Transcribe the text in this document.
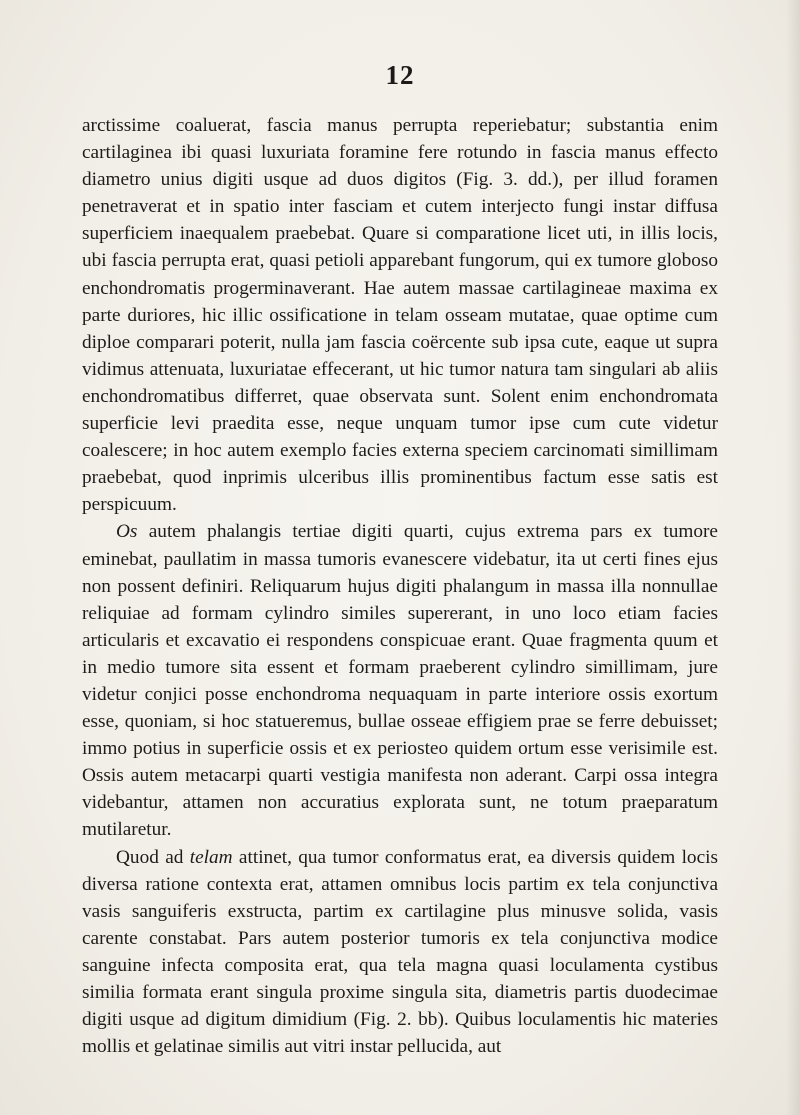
12

arctissime coaluerat, fascia manus perrupta reperiebatur; substantia enim cartilaginea ibi quasi luxuriata foramine fere rotundo in fascia manus effecto diametro unius digiti usque ad duos digitos (Fig. 3. dd.), per illud foramen penetraverat et in spatio inter fasciam et cutem interjecto fungi instar diffusa superficiem inaequalem praebebat. Quare si comparatione licet uti, in illis locis, ubi fascia perrupta erat, quasi petioli apparebant fungorum, qui ex tumore globoso enchondromatis progerminaverant. Hae autem massae cartilagineae maxima ex parte duriores, hic illic ossificatione in telam osseam mutatae, quae optime cum diploe comparari poterit, nulla jam fascia coërcente sub ipsa cute, eaque ut supra vidimus attenuata, luxuriatae effecerant, ut hic tumor natura tam singulari ab aliis enchondromatibus differret, quae observata sunt. Solent enim enchondromata superficie levi praedita esse, neque unquam tumor ipse cum cute videtur coalescere; in hoc autem exemplo facies externa speciem carcinomati simillimam praebebat, quod inprimis ulceribus illis prominentibus factum esse satis est perspicuum.

Os autem phalangis tertiae digiti quarti, cujus extrema pars ex tumore eminebat, paullatim in massa tumoris evanescere videbatur, ita ut certi fines ejus non possent definiri. Reliquarum hujus digiti phalangum in massa illa nonnullae reliquiae ad formam cylindro similes supererant, in uno loco etiam facies articularis et excavatio ei respondens conspicuae erant. Quae fragmenta quum et in medio tumore sita essent et formam praeberent cylindro simillimam, jure videtur conjici posse enchondroma nequaquam in parte interiore ossis exortum esse, quoniam, si hoc statueremus, bullae osseae effigiem prae se ferre debuisset; immo potius in superficie ossis et ex periosteo quidem ortum esse verisimile est. Ossis autem metacarpi quarti vestigia manifesta non aderant. Carpi ossa integra videbantur, attamen non accuratius explorata sunt, ne totum praeparatum mutilaretur.

Quod ad telam attinet, qua tumor conformatus erat, ea diversis quidem locis diversa ratione contexta erat, attamen omnibus locis partim ex tela conjunctiva vasis sanguiferis exstructa, partim ex cartilagine plus minusve solida, vasis carente constabat. Pars autem posterior tumoris ex tela conjunctiva modice sanguine infecta composita erat, qua tela magna quasi loculamenta cystibus similia formata erant singula proxime singula sita, diametris partis duodecimae digiti usque ad digitum dimidium (Fig. 2. bb). Quibus loculamentis hic materies mollis et gelatinae similis aut vitri instar pellucida, aut
